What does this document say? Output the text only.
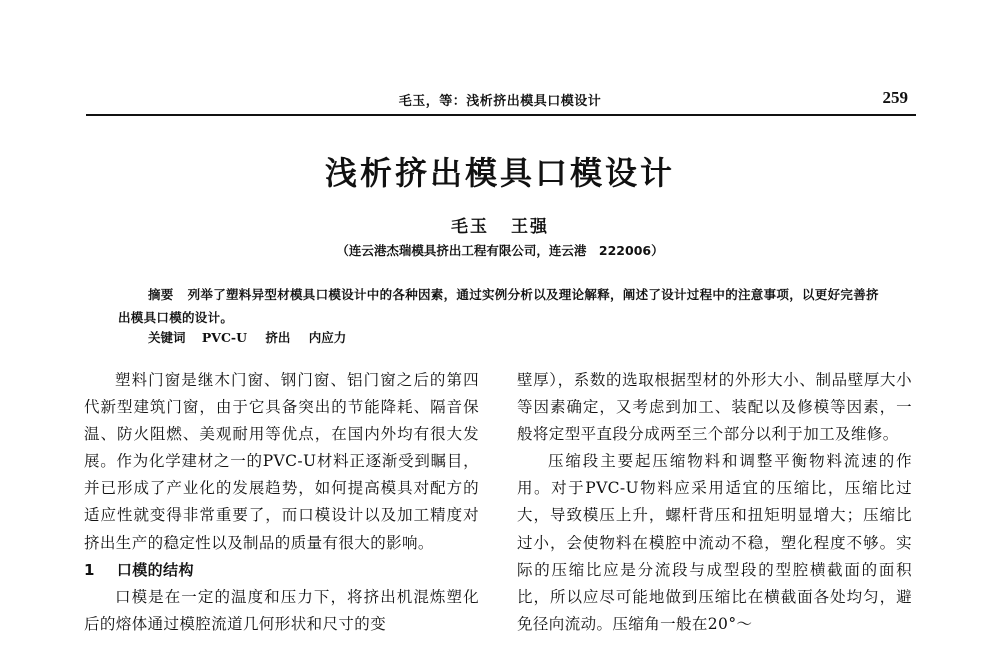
毛玉，等：浅析挤出模具口模设计	259
浅析挤出模具口模设计
毛玉 王强
（连云港杰瑞模具挤出工程有限公司，连云港　222006）
摘要 列举了塑料异型材模具口模设计中的各种因素，通过实例分析以及理论解释，阐述了设计过程中的注意事项，以更好完善挤出模具口模的设计。
关键词 PVC-U 挤出 内应力

塑料门窗是继木门窗、钢门窗、铝门窗之后的第四代新型建筑门窗，由于它具备突出的节能降耗、隔音保温、防火阻燃、美观耐用等优点，在国内外均有很大发展。作为化学建材之一的PVC-U材料正逐渐受到瞩目，并已形成了产业化的发展趋势，如何提高模具对配方的适应性就变得非常重要了，而口模设计以及加工精度对挤出生产的稳定性以及制品的质量有很大的影响。

1 口模的结构

口模是在一定的温度和压力下，将挤出机混炼塑化后的熔体通过模腔流道几何形状和尺寸的变

壁厚），系数的选取根据型材的外形大小、制品壁厚大小等因素确定，又考虑到加工、装配以及修模等因素，一般将定型平直段分成两至三个部分以利于加工及维修。

压缩段主要起压缩物料和调整平衡物料流速的作用。对于PVC-U物料应采用适宜的压缩比，压缩比过大，导致模压上升，螺杆背压和扭矩明显增大；压缩比过小，会使物料在模腔中流动不稳，塑化程度不够。实际的压缩比应是分流段与成型段的型腔横截面的面积比，所以应尽可能地做到压缩比在横截面各处均匀，避免径向流动。压缩角一般在20°～
